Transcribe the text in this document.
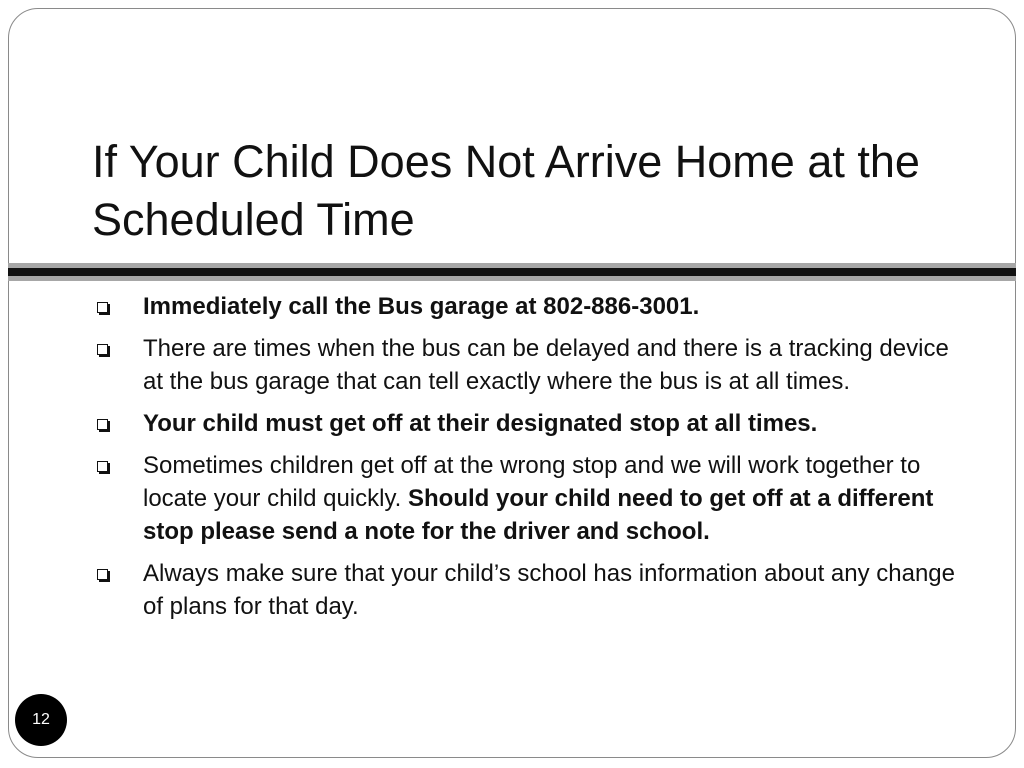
If Your Child Does Not Arrive Home at the Scheduled Time
Immediately call the Bus garage at 802-886-3001.
There are times when the bus can be delayed and there is a tracking device at the bus garage that can tell exactly where the bus is at all times.
Your child must get off at their designated stop at all times.
Sometimes children get off at the wrong stop and we will work together to locate your child quickly. Should your child need to get off at a different stop please send a note for the driver and school.
Always make sure that your child’s school has information about any change of plans for that day.
12
